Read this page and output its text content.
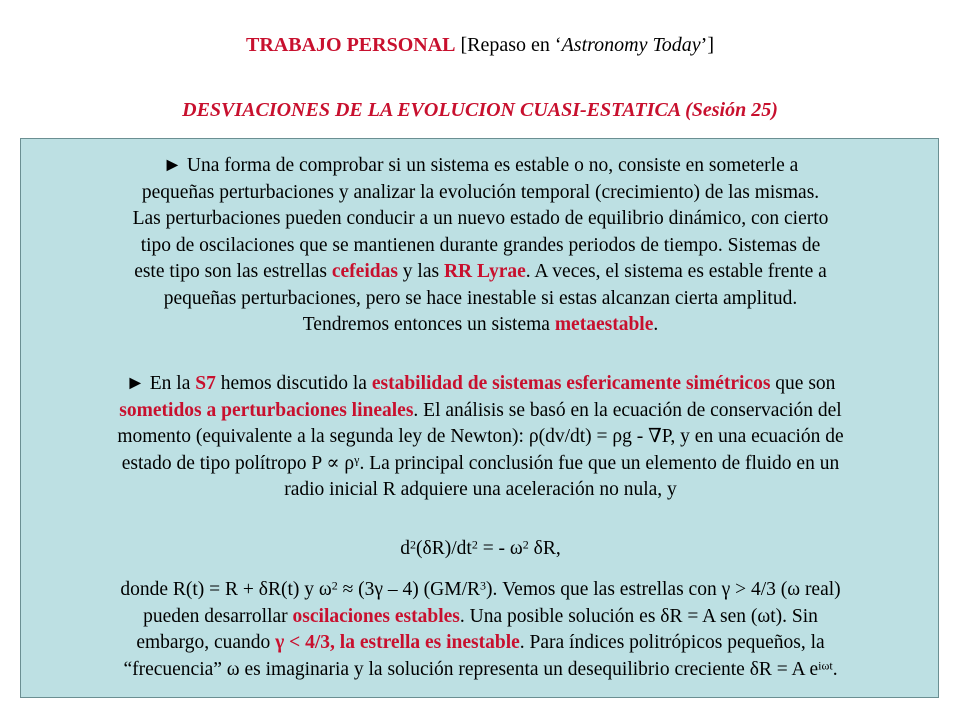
TRABAJO PERSONAL [Repaso en ‘Astronomy Today’]
DESVIACIONES DE LA EVOLUCION CUASI-ESTATICA (Sesión 25)
► Una forma de comprobar si un sistema es estable o no, consiste en someterle a
pequeñas perturbaciones y analizar la evolución temporal (crecimiento) de las mismas.
Las perturbaciones pueden conducir a un nuevo estado de equilibrio dinámico, con cierto
tipo de oscilaciones que se mantienen durante grandes periodos de tiempo. Sistemas de
este tipo son las estrellas cefeidas y las RR Lyrae. A veces, el sistema es estable frente a
pequeñas perturbaciones, pero se hace inestable si estas alcanzan cierta amplitud.
Tendremos entonces un sistema metaestable.
► En la S7 hemos discutido la estabilidad de sistemas esfericamente simétricos que son
sometidos a perturbaciones lineales. El análisis se basó en la ecuación de conservación del
momento (equivalente a la segunda ley de Newton): ρ(dv/dt) = ρg - ∇P, y en una ecuación de
estado de tipo polítropo $P \propto \rho^\gamma$. La principal conclusión fue que un elemento de fluido en un
radio inicial R adquiere una aceleración no nula, y
$d^2(\delta R)/dt^2$ = - $\omega^2$ δR,
donde R(t) = R + δR(t) y $\omega^2 \approx (3\gamma - 4)$ $(GM/R^3)$. Vemos que las estrellas con γ > 4/3 (ω real)
pueden desarrollar oscilaciones estables. Una posible solución es δR = A sen (ωt). Sin
embargo, cuando γ < 4/3, la estrella es inestable. Para índices politrópicos pequeños, la
“frecuencia” ω es imaginaria y la solución representa un desequilibrio creciente δR = A $e^{i\omega t}$.
